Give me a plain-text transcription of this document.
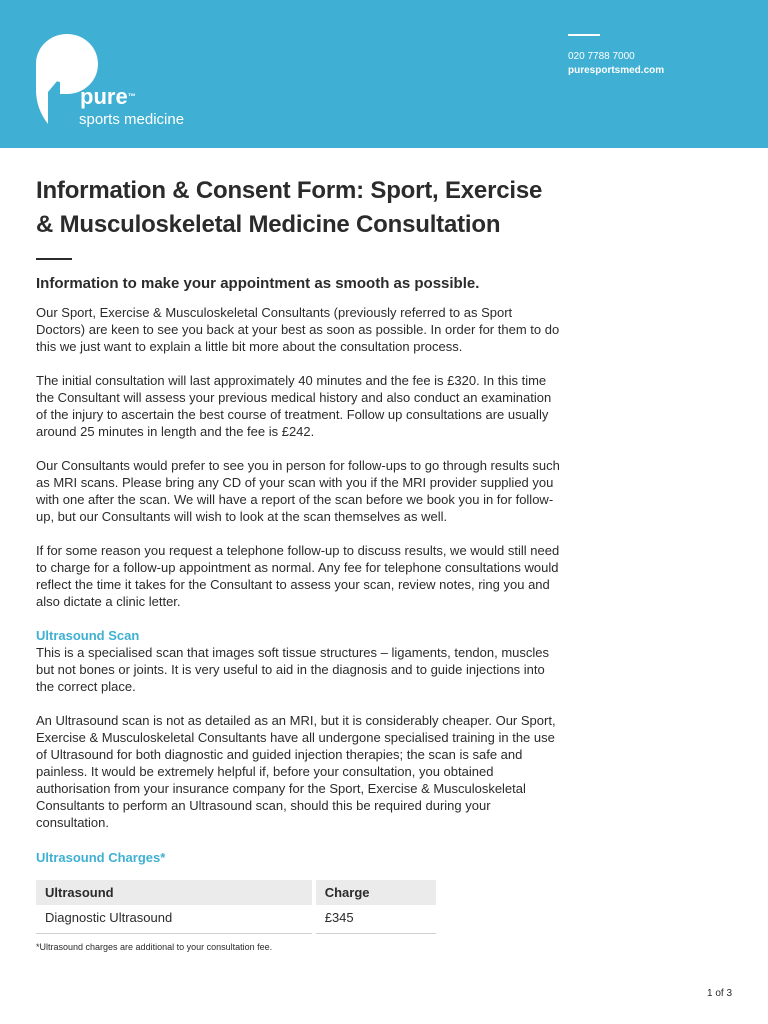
pure™
sports medicine
020 7788 7000
puresportsmed.com
Information & Consent Form: Sport, Exercise & Musculoskeletal Medicine Consultation
Information to make your appointment as smooth as possible.

Our Sport, Exercise & Musculoskeletal Consultants (previously referred to as Sport Doctors) are keen to see you back at your best as soon as possible. In order for them to do this we just want to explain a little bit more about the consultation process.

The initial consultation will last approximately 40 minutes and the fee is £320. In this time the Consultant will assess your previous medical history and also conduct an examination of the injury to ascertain the best course of treatment. Follow up consultations are usually around 25 minutes in length and the fee is £242.

Our Consultants would prefer to see you in person for follow-ups to go through results such as MRI scans. Please bring any CD of your scan with you if the MRI provider supplied you with one after the scan. We will have a report of the scan before we book you in for follow-up, but our Consultants will wish to look at the scan themselves as well.

If for some reason you request a telephone follow-up to discuss results, we would still need to charge for a follow-up appointment as normal. Any fee for telephone consultations would reflect the time it takes for the Consultant to assess your scan, review notes, ring you and also dictate a clinic letter.

Ultrasound Scan

This is a specialised scan that images soft tissue structures – ligaments, tendon, muscles but not bones or joints. It is very useful to aid in the diagnosis and to guide injections into the correct place.

An Ultrasound scan is not as detailed as an MRI, but it is considerably cheaper. Our Sport, Exercise & Musculoskeletal Consultants have all undergone specialised training in the use of Ultrasound for both diagnostic and guided injection therapies; the scan is safe and painless. It would be extremely helpful if, before your consultation, you obtained authorisation from your insurance company for the Sport, Exercise & Musculoskeletal Consultants to perform an Ultrasound scan, should this be required during your consultation.

Ultrasound Charges*
Ultrasound	Charge
Diagnostic Ultrasound	£345
*Ultrasound charges are additional to your consultation fee.
1 of 3
